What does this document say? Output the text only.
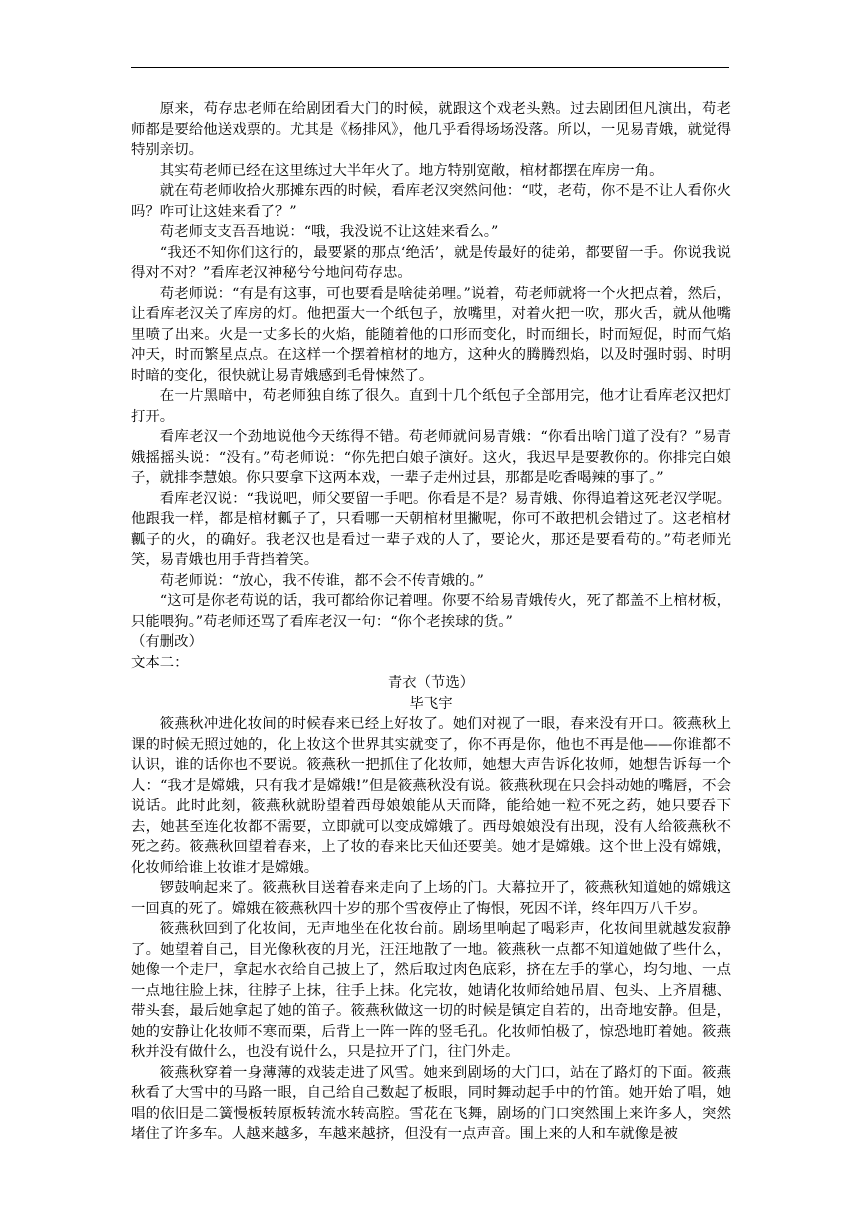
原来，苟存忠老师在给剧团看大门的时候，就跟这个戏老头熟。过去剧团但凡演出，苟老师都是要给他送戏票的。尤其是《杨排风》，他几乎看得场场没落。所以，一见易青娥，就觉得特别亲切。

其实苟老师已经在这里练过大半年火了。地方特别宽敞，棺材都摆在库房一角。

就在苟老师收拾火那摊东西的时候，看库老汉突然问他：“哎，老苟，你不是不让人看你火吗？咋可让这娃来看了？”

苟老师支支吾吾地说：“哦，我没说不让这娃来看么。”

“我还不知你们这行的，最要紧的那点‘绝活’，就是传最好的徒弟，都要留一手。你说我说得对不对？”看库老汉神秘兮兮地问苟存忠。

苟老师说：“有是有这事，可也要看是啥徒弟哩。”说着，苟老师就将一个火把点着，然后，让看库老汉关了库房的灯。他把蛋大一个纸包子，放嘴里，对着火把一吹，那火舌，就从他嘴里喷了出来。火是一丈多长的火焰，能随着他的口形而变化，时而细长，时而短促，时而气焰冲天，时而繁星点点。在这样一个摆着棺材的地方，这种火的腾腾烈焰，以及时强时弱、时明时暗的变化，很快就让易青娥感到毛骨悚然了。

在一片黑暗中，苟老师独自练了很久。直到十几个纸包子全部用完，他才让看库老汉把灯打开。

看库老汉一个劲地说他今天练得不错。苟老师就问易青娥：“你看出啥门道了没有？”易青娥摇摇头说：“没有。”苟老师说：“你先把白娘子演好。这火，我迟早是要教你的。你排完白娘子，就排李慧娘。你只要拿下这两本戏，一辈子走州过县，那都是吃香喝辣的事了。”

看库老汉说：“我说吧，师父要留一手吧。你看是不是？易青娥、你得追着这死老汉学呢。他跟我一样，都是棺材瓤子了，只看哪一天朝棺材里撇呢，你可不敢把机会错过了。这老棺材瓤子的火，的确好。我老汉也是看过一辈子戏的人了，要论火，那还是要看苟的。”苟老师光笑，易青娥也用手背挡着笑。

苟老师说：“放心，我不传谁，都不会不传青娥的。”

“这可是你老苟说的话，我可都给你记着哩。你要不给易青娥传火，死了都盖不上棺材板，只能喂狗。”苟老师还骂了看库老汉一句：“你个老挨球的货。”

（有删改）

文本二：

青衣（节选）

毕飞宇

筱燕秋冲进化妆间的时候春来已经上好妆了。她们对视了一眼，春来没有开口。筱燕秋上课的时候无照过她的，化上妆这个世界其实就变了，你不再是你，他也不再是他——你谁都不认识，谁的话你也不要说。筱燕秋一把抓住了化妆师，她想大声告诉化妆师，她想告诉每一个人：“我才是嫦娥，只有我才是嫦娥!”但是筱燕秋没有说。筱燕秋现在只会抖动她的嘴唇，不会说话。此时此刻，筱燕秋就盼望着西母娘娘能从天而降，能给她一粒不死之药，她只要吞下去，她甚至连化妆都不需要，立即就可以变成嫦娥了。西母娘娘没有出现，没有人给筱燕秋不死之药。筱燕秋回望着春来，上了妆的春来比天仙还要美。她才是嫦娥。这个世上没有嫦娥，化妆师给谁上妆谁才是嫦娥。

锣鼓响起来了。筱燕秋目送着春来走向了上场的门。大幕拉开了，筱燕秋知道她的嫦娥这一回真的死了。嫦娥在筱燕秋四十岁的那个雪夜停止了悔恨，死因不详，终年四万八千岁。

筱燕秋回到了化妆间，无声地坐在化妆台前。剧场里响起了喝彩声，化妆间里就越发寂静了。她望着自己，目光像秋夜的月光，汪汪地散了一地。筱燕秋一点都不知道她做了些什么，她像一个走尸，拿起水衣给自己披上了，然后取过肉色底彩，挤在左手的掌心，均匀地、一点一点地往脸上抹，往脖子上抹，往手上抹。化完妆，她请化妆师给她吊眉、包头、上齐眉穗、带头套，最后她拿起了她的笛子。筱燕秋做这一切的时候是镇定自若的，出奇地安静。但是，她的安静让化妆师不寒而栗，后背上一阵一阵的竖毛孔。化妆师怕极了，惊恐地盯着她。筱燕秋并没有做什么，也没有说什么，只是拉开了门，往门外走。

筱燕秋穿着一身薄薄的戏装走进了风雪。她来到剧场的大门口，站在了路灯的下面。筱燕秋看了大雪中的马路一眼，自己给自己数起了板眼，同时舞动起手中的竹笛。她开始了唱，她唱的依旧是二簧慢板转原板转流水转高腔。雪花在飞舞，剧场的门口突然围上来许多人，突然堵住了许多车。人越来越多，车越来越挤，但没有一点声音。围上来的人和车就像是被
